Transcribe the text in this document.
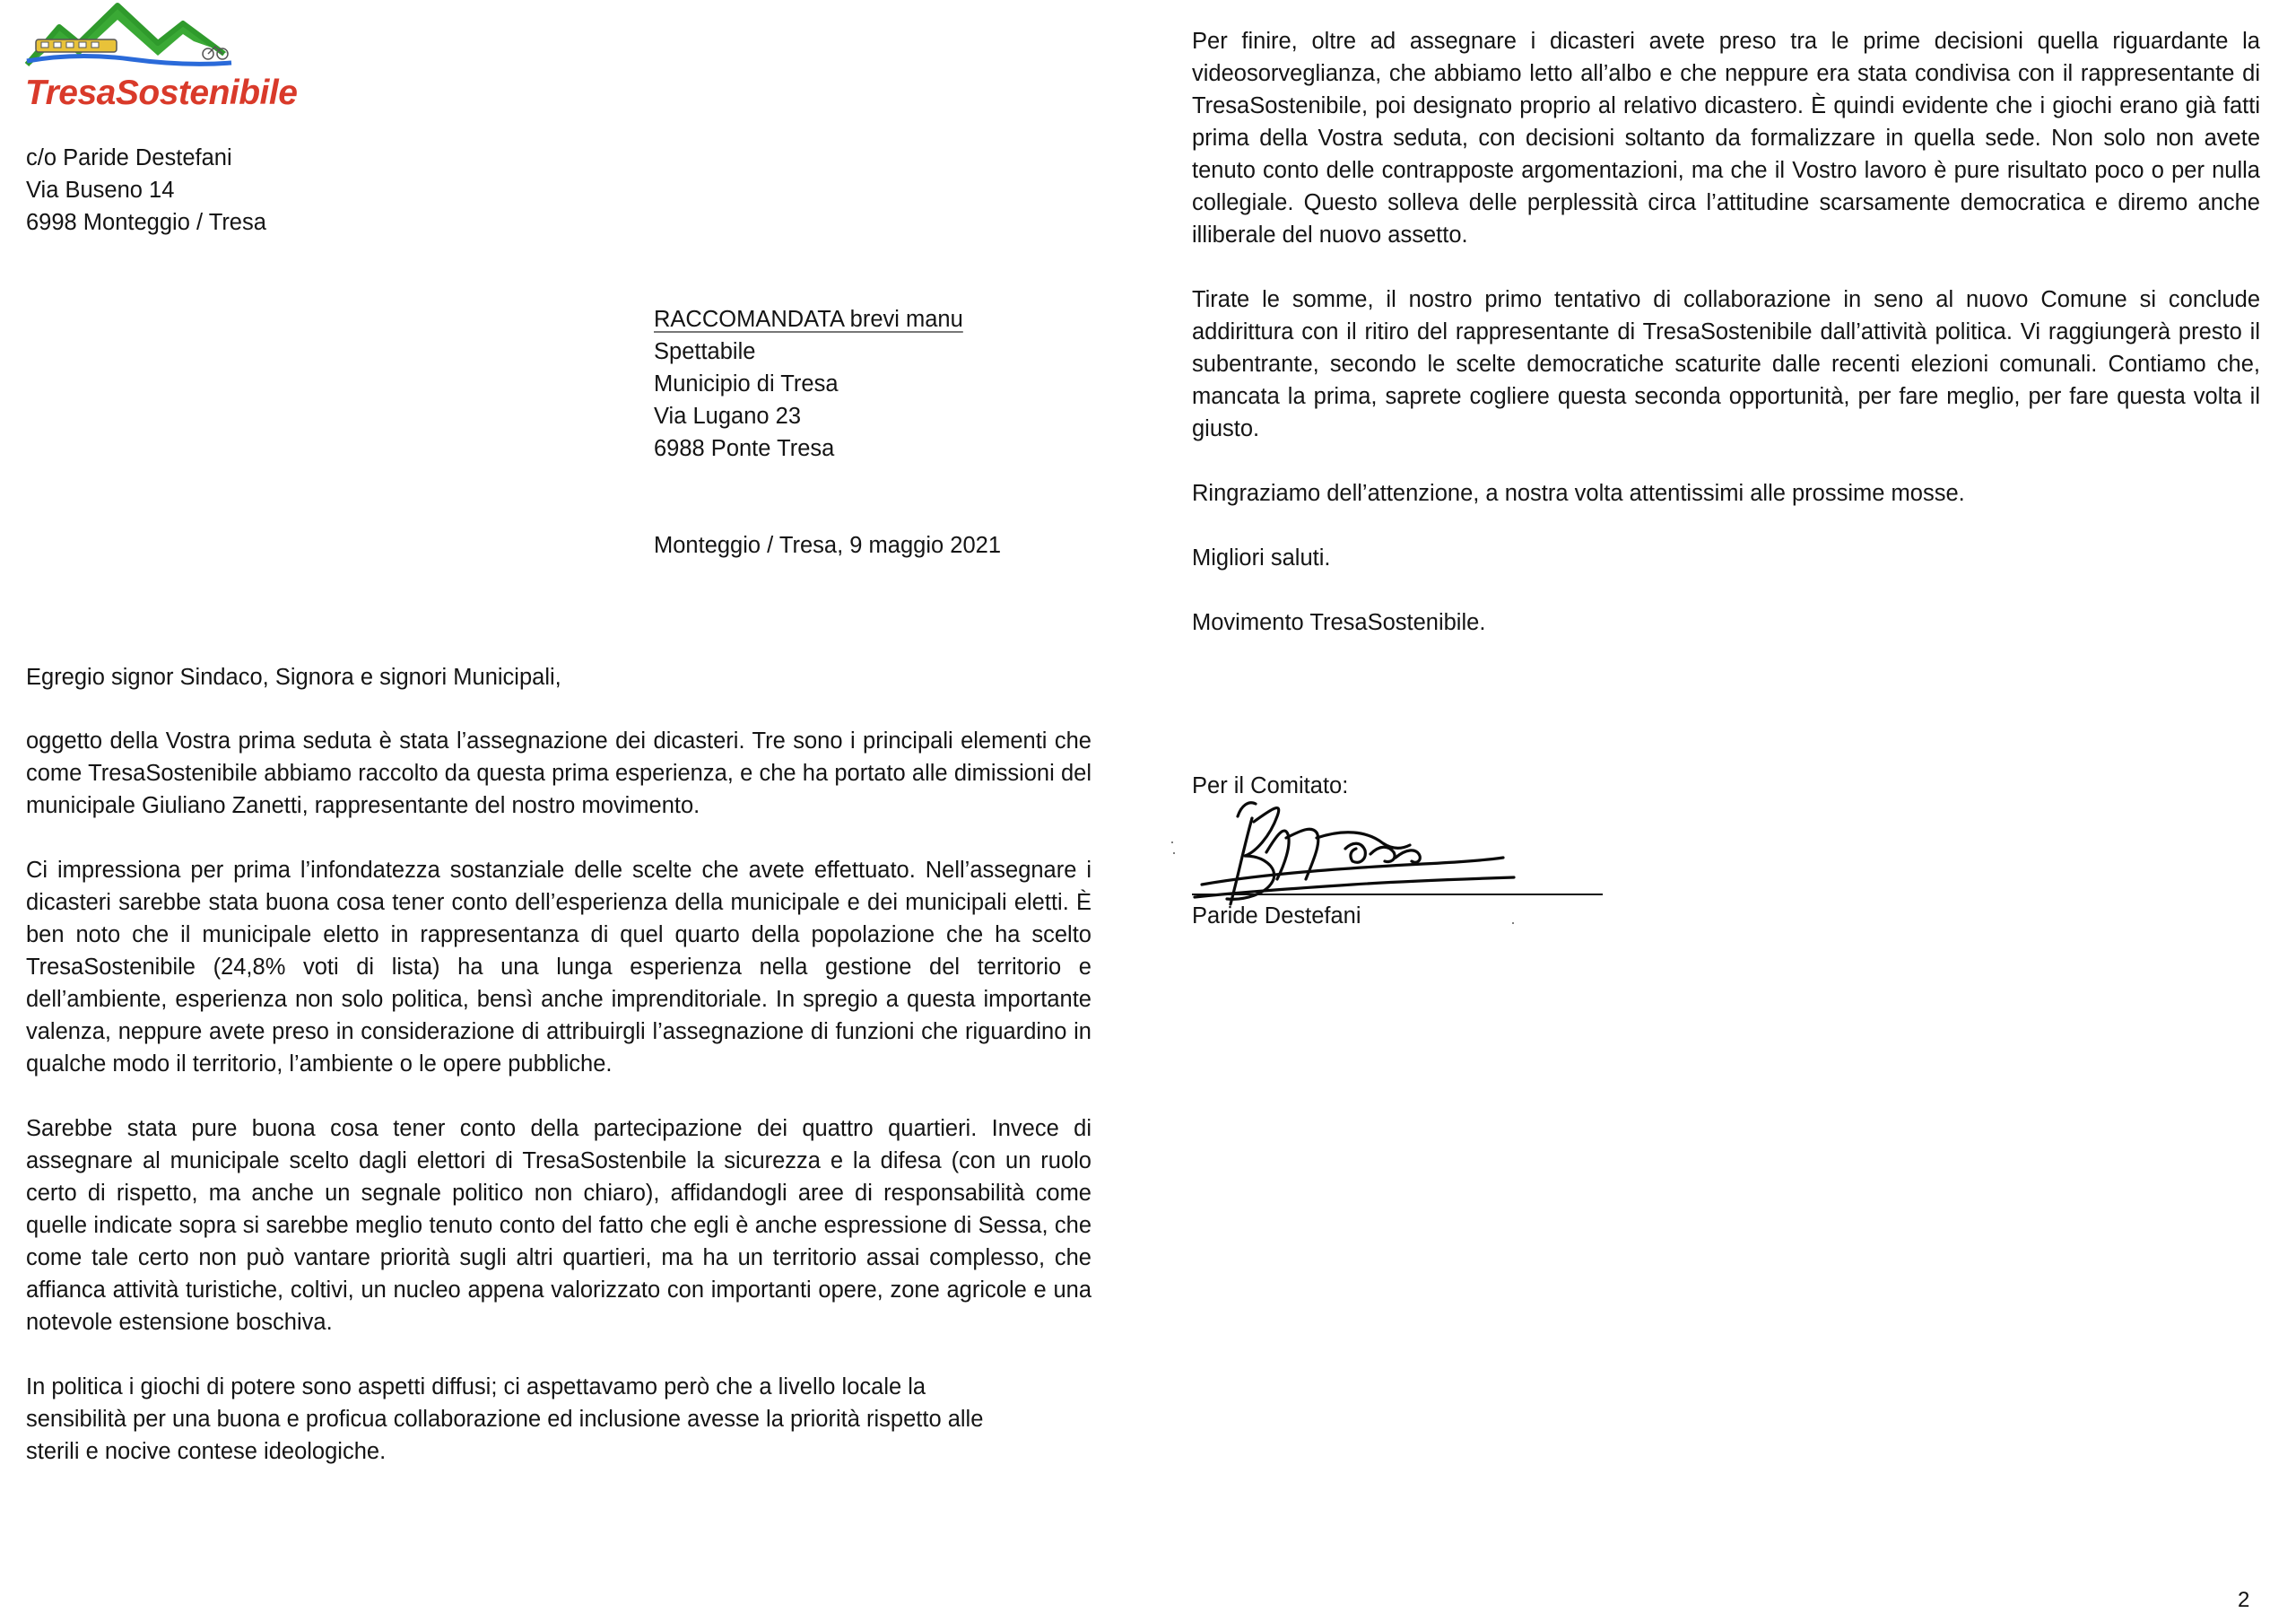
TresaSostenibile
c/o Paride Destefani
Via Buseno 14
6998 Monteggio / Tresa
RACCOMANDATA brevi manu
Spettabile
Municipio di Tresa
Via Lugano 23
6988 Ponte Tresa
Monteggio / Tresa, 9 maggio 2021
Egregio signor Sindaco, Signora e signori Municipali,

oggetto della Vostra prima seduta è stata l’assegnazione dei dicasteri. Tre sono i principali elementi che come TresaSostenibile abbiamo raccolto da questa prima esperienza, e che ha portato alle dimissioni del municipale Giuliano Zanetti, rappresentante del nostro movimento.

Ci impressiona per prima l’infondatezza sostanziale delle scelte che avete effettuato. Nell’assegnare i dicasteri sarebbe stata buona cosa tener conto dell’esperienza della municipale e dei municipali eletti. È ben noto che il municipale eletto in rappresentanza di quel quarto della popolazione che ha scelto TresaSostenibile (24,8% voti di lista) ha una lunga esperienza nella gestione del territorio e dell’ambiente, esperienza non solo politica, bensì anche imprenditoriale. In spregio a questa importante valenza, neppure avete preso in considerazione di attribuirgli l’assegnazione di funzioni che riguardino in qualche modo il territorio, l’ambiente o le opere pubbliche.

Sarebbe stata pure buona cosa tener conto della partecipazione dei quattro quartieri. Invece di assegnare al municipale scelto dagli elettori di TresaSostenbile la sicurezza e la difesa (con un ruolo certo di rispetto, ma anche un segnale politico non chiaro), affidandogli aree di responsabilità come quelle indicate sopra si sarebbe meglio tenuto conto del fatto che egli è anche espressione di Sessa, che come tale certo non può vantare priorità sugli altri quartieri, ma ha un territorio assai complesso, che affianca attività turistiche, coltivi, un nucleo appena valorizzato con importanti opere, zone agricole e una notevole estensione boschiva.

In politica i giochi di potere sono aspetti diffusi; ci aspettavamo però che a livello locale la
sensibilità per una buona e proficua collaborazione ed inclusione avesse la priorità rispetto alle
sterili e nocive contese ideologiche.

Per finire, oltre ad assegnare i dicasteri avete preso tra le prime decisioni quella riguardante la videosorveglianza, che abbiamo letto all’albo e che neppure era stata condivisa con il rappresentante di TresaSostenibile, poi designato proprio al relativo dicastero. È quindi evidente che i giochi erano già fatti prima della Vostra seduta, con decisioni soltanto da formalizzare in quella sede. Non solo non avete tenuto conto delle contrapposte argomentazioni, ma che il Vostro lavoro è pure risultato poco o per nulla collegiale. Questo solleva delle perplessità circa l’attitudine scarsamente democratica e diremo anche illiberale del nuovo assetto.

Tirate le somme, il nostro primo tentativo di collaborazione in seno al nuovo Comune si conclude addirittura con il ritiro del rappresentante di TresaSostenibile dall’attività politica. Vi raggiungerà presto il subentrante, secondo le scelte democratiche scaturite dalle recenti elezioni comunali. Contiamo che, mancata la prima, saprete cogliere questa seconda opportunità, per fare meglio, per fare questa volta il giusto.

Ringraziamo dell’attenzione, a nostra volta attentissimi alle prossime mosse.

Migliori saluti.

Movimento TresaSostenibile.

Per il Comitato:
Paride Destefani
2
